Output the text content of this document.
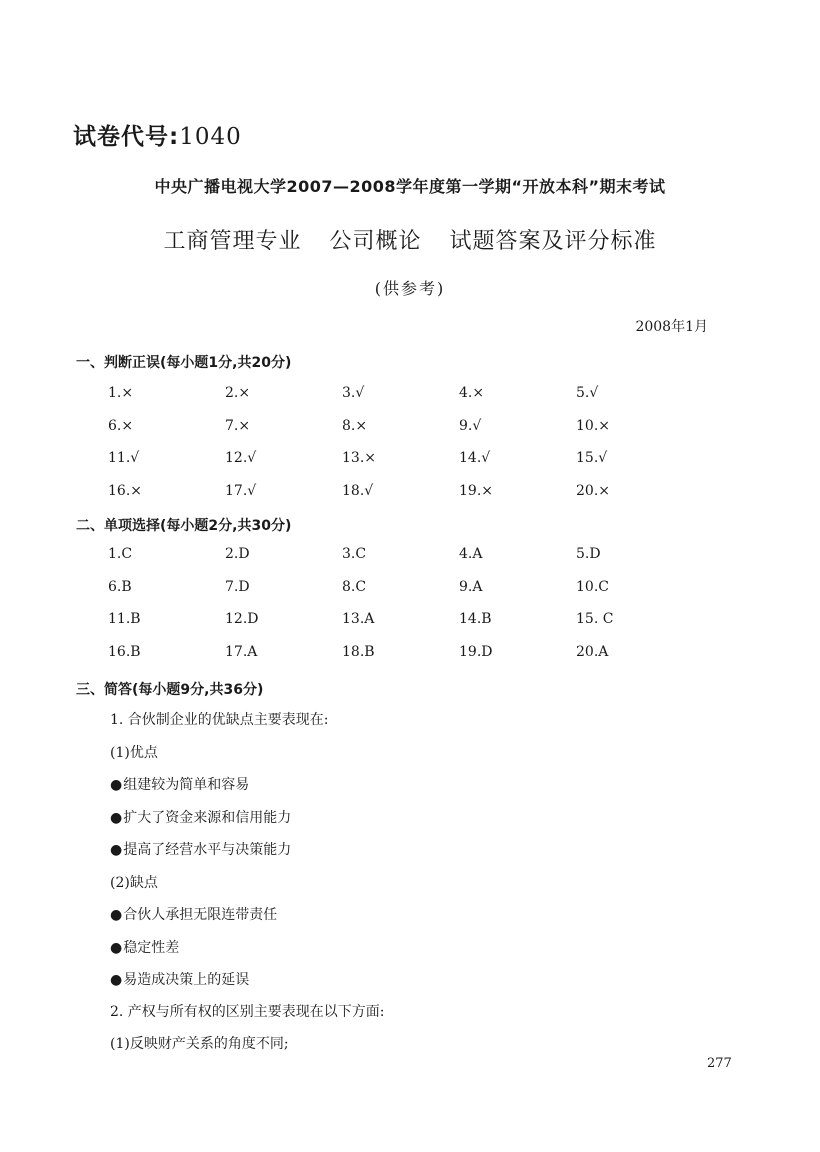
试卷代号:1040
中央广播电视大学2007—2008学年度第一学期“开放本科”期末考试
工商管理专业 公司概论 试题答案及评分标准
(供参考)
2008年1月
一、判断正误(每小题1分,共20分)
1.×	2.×	3.√	4.×	5.√
6.×	7.×	8.×	9.√	10.×
11.√	12.√	13.×	14.√	15.√
16.×	17.√	18.√	19.×	20.×
二、单项选择(每小题2分,共30分)
1.C	2.D	3.C	4.A	5.D
6.B	7.D	8.C	9.A	10.C
11.B	12.D	13.A	14.B	15. C
16.B	17.A	18.B	19.D	20.A
三、简答(每小题9分,共36分)
1. 合伙制企业的优缺点主要表现在:
(1)优点
● 组建较为简单和容易
● 扩大了资金来源和信用能力
● 提高了经营水平与决策能力
(2)缺点
● 合伙人承担无限连带责任
● 稳定性差
● 易造成决策上的延误
2. 产权与所有权的区别主要表现在以下方面:
(1)反映财产关系的角度不同;
277
